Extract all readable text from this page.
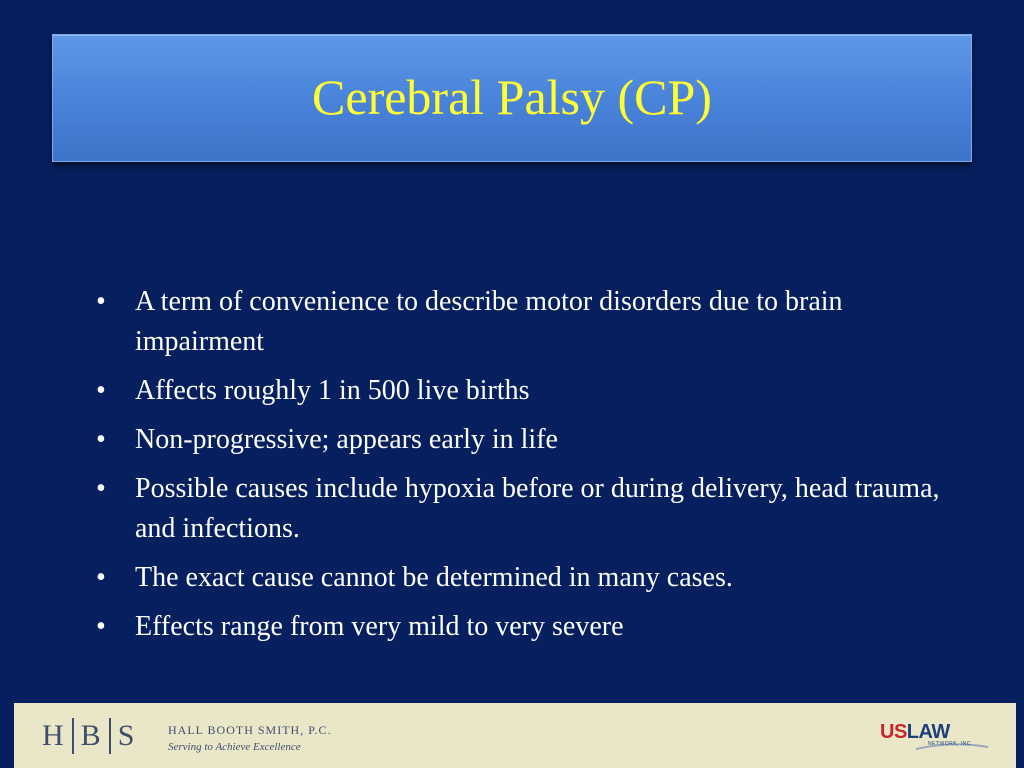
Cerebral Palsy (CP)
•	A term of convenience to describe motor disorders due to brain impairment
•	Affects roughly 1 in 500 live births
•	Non-progressive; appears early in life
•	Possible causes include hypoxia before or during delivery, head trauma, and infections.
•	The exact cause cannot be determined in many cases.
•	Effects range from very mild to very severe
H B S	HALL BOOTH SMITH, P.C.
Serving to Achieve Excellence
USLAW
NETWORK, INC
